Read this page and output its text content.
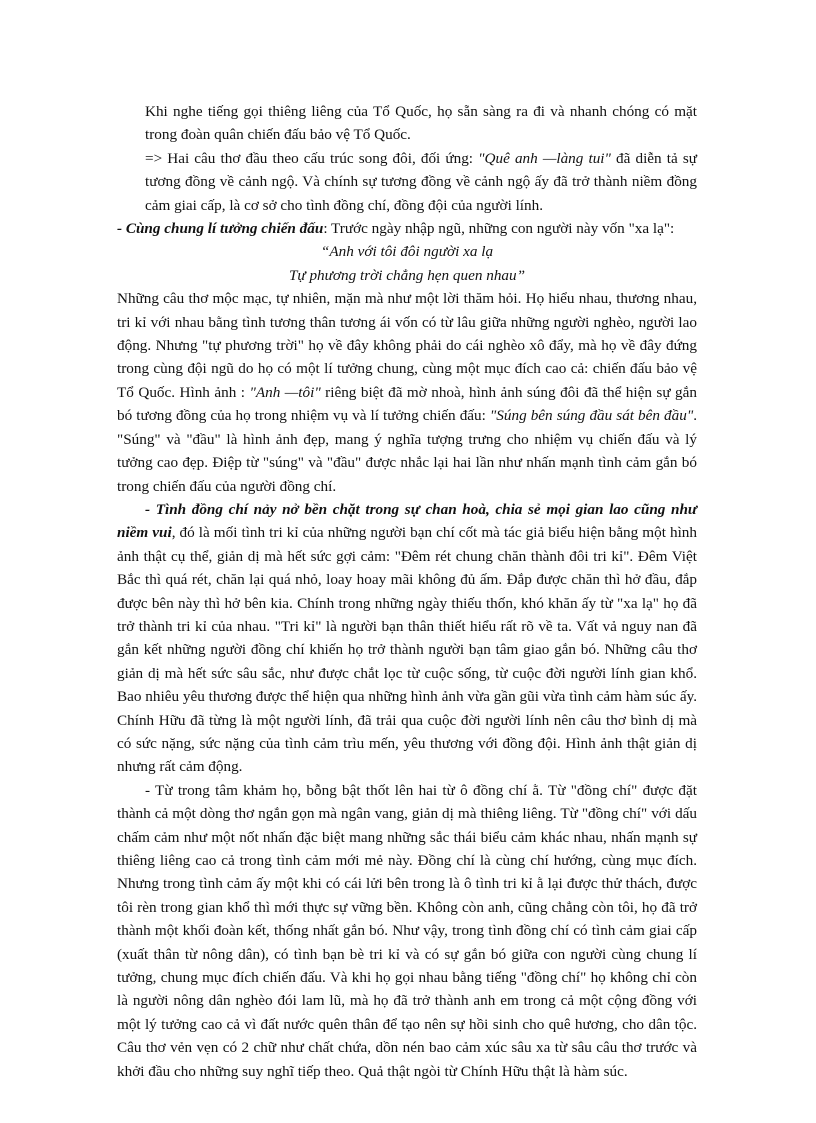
Khi nghe tiếng gọi thiêng liêng của Tổ Quốc, họ sẵn sàng ra đi và nhanh chóng có mặt trong đoàn quân chiến đấu bảo vệ Tổ Quốc.

=> Hai câu thơ đầu theo cấu trúc song đôi, đối ứng: "Quê anh —làng tui" đã diễn tả sự tương đồng về cảnh ngộ. Và chính sự tương đồng về cảnh ngộ ấy đã trở thành niềm đồng cảm giai cấp, là cơ sở cho tình đồng chí, đồng đội của người lính.

- Cùng chung lí tưởng chiến đấu: Trước ngày nhập ngũ, những con người này vốn "xa lạ":

“Anh với tôi đôi người xa lạ

Tự phương trời chẳng hẹn quen nhau”

Những câu thơ mộc mạc, tự nhiên, mặn mà như một lời thăm hỏi. Họ hiểu nhau, thương nhau, tri kỉ với nhau bằng tình tương thân tương ái vốn có từ lâu giữa những người nghèo, người lao động. Nhưng "tự phương trời" họ về đây không phải do cái nghèo xô đẩy, mà họ về đây đứng trong cùng đội ngũ do họ có một lí tưởng chung, cùng một mục đích cao cả: chiến đấu bảo vệ Tổ Quốc. Hình ảnh : "Anh —tôi" riêng biệt đã mờ nhoà, hình ảnh súng đôi đã thể hiện sự gắn bó tương đồng của họ trong nhiệm vụ và lí tưởng chiến đấu: "Súng bên súng đầu sát bên đầu". "Súng" và "đầu" là hình ảnh đẹp, mang ý nghĩa tượng trưng cho nhiệm vụ chiến đấu và lý tưởng cao đẹp. Điệp từ "súng" và "đầu" được nhắc lại hai lần như nhấn mạnh tình cảm gắn bó trong chiến đấu của người đồng chí.

- Tình đồng chí nảy nở bền chặt trong sự chan hoà, chia sẻ mọi gian lao cũng như niềm vui, đó là mối tình tri kỉ của những người bạn chí cốt mà tác giả biểu hiện bằng một hình ảnh thật cụ thể, giản dị mà hết sức gợi cảm: "Đêm rét chung chăn thành đôi tri kỉ". Đêm Việt Bắc thì quá rét, chăn lại quá nhỏ, loay hoay mãi không đủ ấm. Đắp được chăn thì hở đầu, đắp được bên này thì hở bên kia. Chính trong những ngày thiếu thốn, khó khăn ấy từ "xa lạ" họ đã trở thành tri kỉ của nhau. "Tri kỉ" là người bạn thân thiết hiểu rất rõ về ta. Vất vả nguy nan đã gắn kết những người đồng chí khiến họ trở thành người bạn tâm giao gắn bó. Những câu thơ giản dị mà hết sức sâu sắc, như được chắt lọc từ cuộc sống, từ cuộc đời người lính gian khổ. Bao nhiêu yêu thương được thể hiện qua những hình ảnh vừa gần gũi vừa tình cảm hàm súc ấy. Chính Hữu đã từng là một người lính, đã trải qua cuộc đời người lính nên câu thơ bình dị mà có sức nặng, sức nặng của tình cảm trìu mến, yêu thương với đồng đội. Hình ảnh thật giản dị nhưng rất cảm động.

- Từ trong tâm khảm họ, bỗng bật thốt lên hai từ ô đồng chí ằ. Từ "đồng chí" được đặt thành cả một dòng thơ ngắn gọn mà ngân vang, giản dị mà thiêng liêng. Từ "đồng chí" với dấu chấm cảm như một nốt nhấn đặc biệt mang những sắc thái biểu cảm khác nhau, nhấn mạnh sự thiêng liêng cao cả trong tình cảm mới mẻ này. Đồng chí là cùng chí hướng, cùng mục đích. Nhưng trong tình cảm ấy một khi có cái lửi bên trong là ô tình tri kỉ ằ lại được thử thách, được tôi rèn trong gian khổ thì mới thực sự vững bền. Không còn anh, cũng chẳng còn tôi, họ đã trở thành một khối đoàn kết, thống nhất gắn bó. Như vậy, trong tình đồng chí có tình cảm giai cấp (xuất thân từ nông dân), có tình bạn bè tri kỉ và có sự gắn bó giữa con người cùng chung lí tưởng, chung mục đích chiến đấu. Và khi họ gọi nhau bằng tiếng "đồng chí" họ không chỉ còn là người nông dân nghèo đói lam lũ, mà họ đã trở thành anh em trong cả một cộng đồng với một lý tưởng cao cả vì đất nước quên thân để tạo nên sự hồi sinh cho quê hương, cho dân tộc. Câu thơ vẻn vẹn có 2 chữ như chất chứa, dồn nén bao cảm xúc sâu xa từ sâu câu thơ trước và khởi đầu cho những suy nghĩ tiếp theo. Quả thật ngòi từ Chính Hữu thật là hàm súc.
